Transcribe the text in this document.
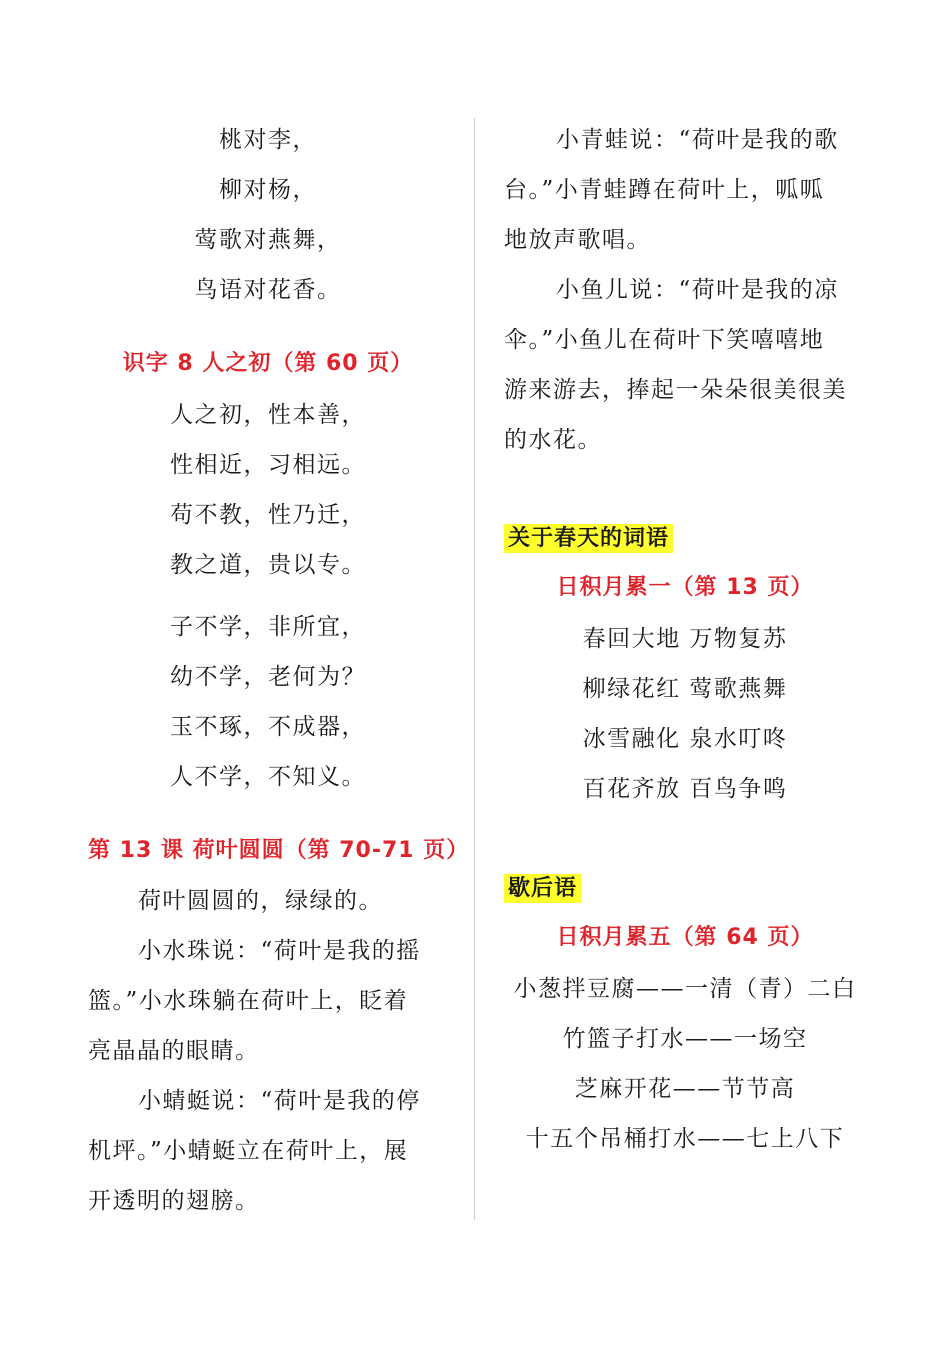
桃对李，
柳对杨，
莺歌对燕舞，
鸟语对花香。
识字 8 人之初（第 60 页）
人之初，性本善，
性相近，习相远。
苟不教，性乃迁，
教之道，贵以专。
子不学，非所宜，
幼不学，老何为？
玉不琢，不成器，
人不学，不知义。
第 13 课 荷叶圆圆（第 70-71 页）
荷叶圆圆的，绿绿的。
小水珠说：“荷叶是我的摇
篮。”小水珠躺在荷叶上，眨着
亮晶晶的眼睛。
小蜻蜓说：“荷叶是我的停
机坪。”小蜻蜓立在荷叶上，展
开透明的翅膀。
小青蛙说：“荷叶是我的歌
台。”小青蛙蹲在荷叶上，呱呱
地放声歌唱。
小鱼儿说：“荷叶是我的凉
伞。”小鱼儿在荷叶下笑嘻嘻地
游来游去，捧起一朵朵很美很美
的水花。
关于春天的词语
日积月累一（第 13 页）
春回大地 万物复苏
柳绿花红 莺歌燕舞
冰雪融化 泉水叮咚
百花齐放 百鸟争鸣
歇后语
日积月累五（第 64 页）
小葱拌豆腐——一清（青）二白
竹篮子打水——一场空
芝麻开花——节节高
十五个吊桶打水——七上八下
